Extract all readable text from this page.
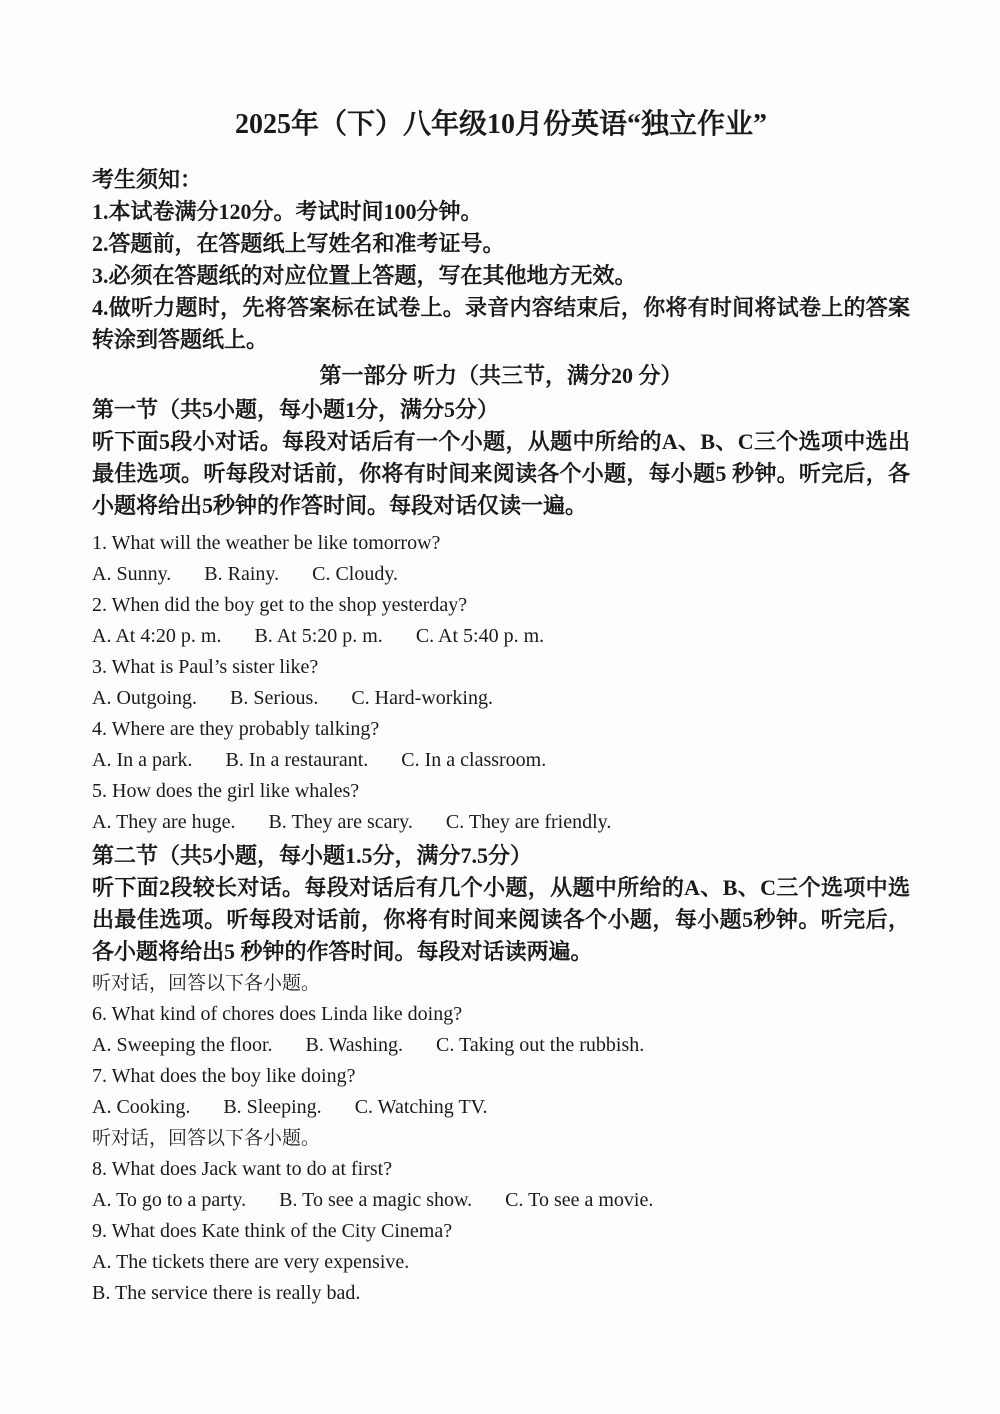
2025年（下）八年级10月份英语“独立作业”
考生须知：
1.本试卷满分120分。考试时间100分钟。
2.答题前，在答题纸上写姓名和准考证号。
3.必须在答题纸的对应位置上答题，写在其他地方无效。
4.做听力题时，先将答案标在试卷上。录音内容结束后，你将有时间将试卷上的答案转涂到答题纸上。
第一部分 听力（共三节，满分20 分）
第一节（共5小题，每小题1分，满分5分）

听下面5段小对话。每段对话后有一个小题，从题中所给的A、B、C三个选项中选出最佳选项。听每段对话前，你将有时间来阅读各个小题，每小题5 秒钟。听完后，各小题将给出5秒钟的作答时间。每段对话仅读一遍。

1. What will the weather be like tomorrow?
A. Sunny. B. Rainy. C. Cloudy.
2. When did the boy get to the shop yesterday?
A. At 4:20 p. m. B. At 5:20 p. m. C. At 5:40 p. m.
3. What is Paul’s sister like?
A. Outgoing. B. Serious. C. Hard-working.
4. Where are they probably talking?
A. In a park. B. In a restaurant. C. In a classroom.
5. How does the girl like whales?
A. They are huge. B. They are scary. C. They are friendly.
第二节（共5小题，每小题1.5分，满分7.5分）

听下面2段较长对话。每段对话后有几个小题，从题中所给的A、B、C三个选项中选出最佳选项。听每段对话前，你将有时间来阅读各个小题，每小题5秒钟。听完后，各小题将给出5 秒钟的作答时间。每段对话读两遍。

听对话，回答以下各小题。
6. What kind of chores does Linda like doing?
A. Sweeping the floor. B. Washing. C. Taking out the rubbish.
7. What does the boy like doing?
A. Cooking. B. Sleeping. C. Watching TV.
听对话，回答以下各小题。
8. What does Jack want to do at first?
A. To go to a party. B. To see a magic show. C. To see a movie.
9. What does Kate think of the City Cinema?
A. The tickets there are very expensive.
B. The service there is really bad.
